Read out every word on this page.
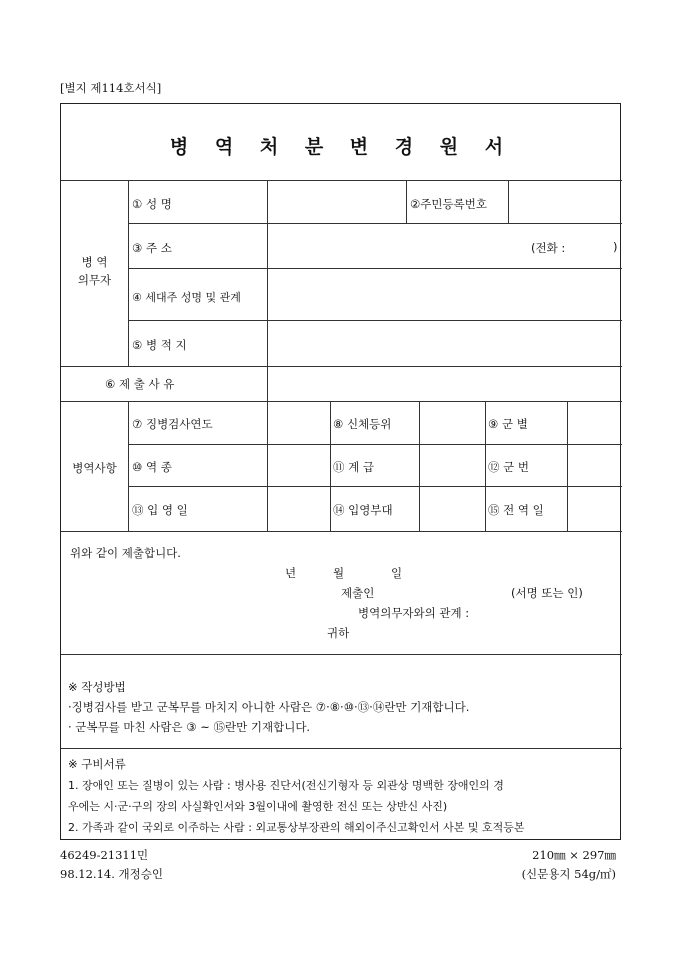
[별지 제114호서식]
병 역 처 분 변 경 원 서
병 역
의무자
① 성 명	②주민등록번호
③ 주 소	(전화 :	)
④ 세대주 성명 및 관계
⑤ 병 적 지
⑥ 제 출 사 유
병역사항
⑦ 징병검사연도	⑧ 신체등위	⑨ 군 별
⑩ 역 종	⑪ 계 급	⑫ 군 번
⑬ 입 영 일	⑭ 입영부대	⑮ 전 역 일
위와 같이 제출합니다.
년	월	일
제출인	(서명 또는 인)
병역의무자와의 관계 :
귀하
※ 작성방법
·징병검사를 받고 군복무를 마치지 아니한 사람은 ⑦·⑧·⑩·⑬·⑭란만 기재합니다.
· 군복무를 마친 사람은 ③ ~ ⑮란만 기재합니다.
※ 구비서류
1. 장애인 또는 질병이 있는 사람 : 병사용 진단서(전신기형자 등 외관상 명백한 장애인의 경
우에는 시·군·구의 장의 사실확인서와 3월이내에 촬영한 전신 또는 상반신 사진)
2. 가족과 같이 국외로 이주하는 사람 : 외교통상부장관의 해외이주신고확인서 사본 및 호적등본
46249-21311민
98.12.14. 개정승인
210㎜ × 297㎜
(신문용지 54g/㎡)
